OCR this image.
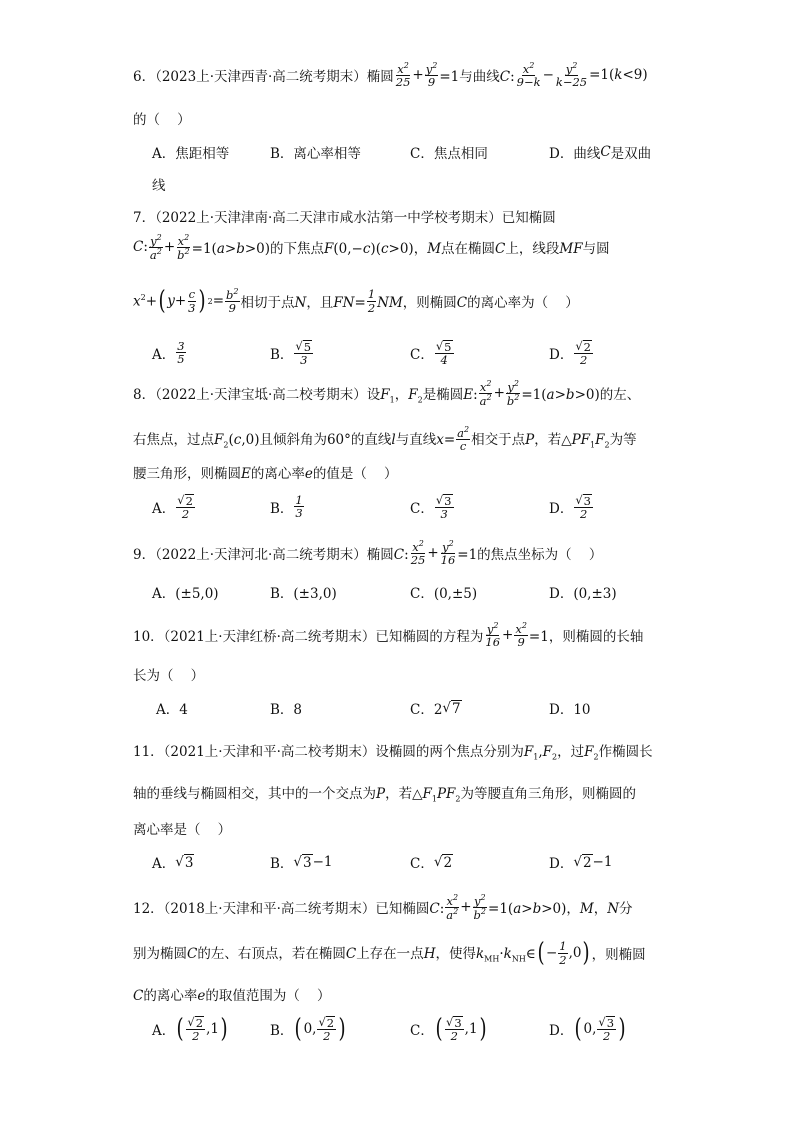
6．（2023上·天津西青·高二统考期末）椭圆 $\frac{x^2}{25} + \frac{y^2}{9} =1$与曲线C: $\frac{x^2}{9-k} - \frac{y^2}{k-25} =1(k<9)$
的（    ）
A．焦距相等	B．离心率相等	C．焦点相同	D．曲线 C 是双曲
线
7．（2022上·天津津南·高二天津市咸水沽第一中学校考期末）已知椭圆
C : $\frac{y^2}{a^2} + \frac{x^2}{b^2} =1(a>b>0)$的下焦点F(0,−c)(c>0)，M点在椭圆C上，线段MF与圆
$x^2+$ ( $y+ \frac{c}{3}$ ) $2 = \frac{b^2}{9}$ 相切于点N，且$FN= \frac{1}{2}$ NM，则椭圆C的离心率为（    ）
A． $\frac{3}{5}$	B． $\frac{√ 5}{3}$	C． $\frac{√ 5}{4}$	D． $\frac{√ 2}{2}$
8．（2022上·天津宝坻·高二校考期末）设$F_1$，$F_2$是椭圆E: $\frac{x^2}{a^2} + \frac{y^2}{b^2} =1(a>b>0)$的左、
右焦点，过点$F_2(c,0)$且倾斜角为60°的直线l与直线$x= \frac{a^2}{c}$ 相交于点P，若$\triangle PF_1F_2$为等
腰三角形，则椭圆E的离心率e的值是（    ）
A． $\frac{√ 2}{2}$	B． $\frac{1}{3}$	C． $\frac{√ 3}{3}$	D． $\frac{√ 3}{2}$
9．（2022上·天津河北·高二统考期末）椭圆C: $\frac{x^2}{25} + \frac{y^2}{16} =1$的焦点坐标为（    ）
A．(±5,0)	B．(±3,0)	C．(0,±5)	D．(0,±3)
10．（2021上·天津红桥·高二统考期末）已知椭圆的方程为 $\frac{y^2}{16} + \frac{x^2}{9} =1$，则椭圆的长轴
长为（    ）
A．4	B．8	C．2 √ 7	D．10
11．（2021上·天津和平·高二校考期末）设椭圆的两个焦点分别为$F_1,F_2$，过$F_2$作椭圆长
轴的垂线与椭圆相交，其中的一个交点为P，若$\triangle F_1PF_2$为等腰直角三角形，则椭圆的
离心率是（    ）
A． √ 3	B． √ 3 −1	C． √ 2	D． √ 2 −1
12．（2018上·天津和平·高二统考期末）已知椭圆C: $\frac{x^2}{a^2} + \frac{y^2}{b^2} =1(a>b>0)$，M，N分
别为椭圆C的左、右顶点，若在椭圆C上存在一点H，使得$k_{MH}\cdot k_{NH}\in$ ( − $\frac{1}{2} ,0$ ) ，则椭圆
C的离心率e的取值范围为（    ）
A． ( $\frac{√ 2}{2} ,1$ )	B． ( 0, $\frac{√ 2}{2}$ )	C． ( $\frac{√ 3}{2} ,1$ )	D． ( 0, $\frac{√ 3}{2}$ )
